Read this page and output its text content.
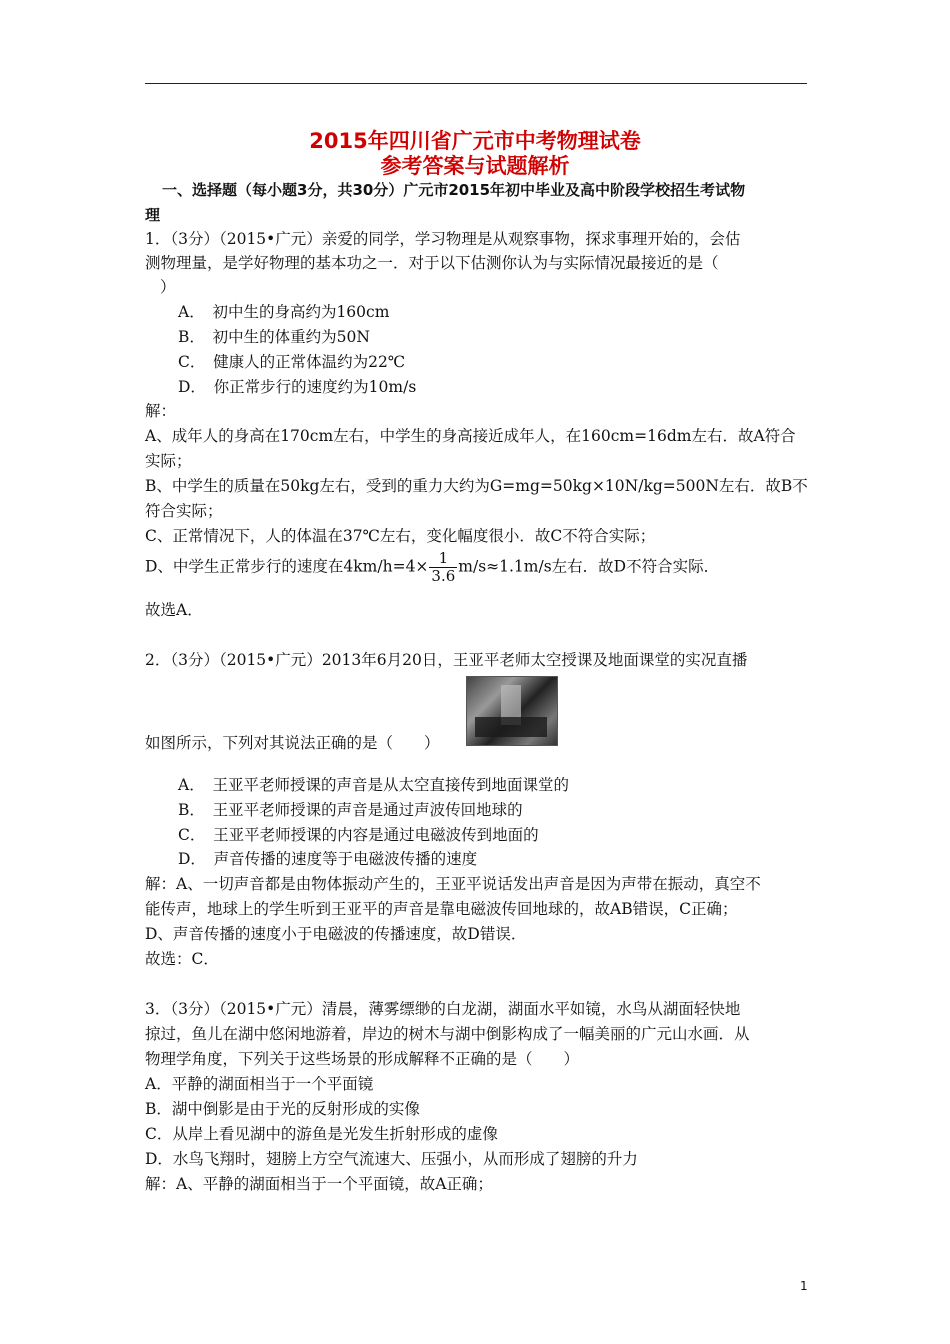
2015年四川省广元市中考物理试卷
参考答案与试题解析
一、选择题（每小题3分，共30分）广元市2015年初中毕业及高中阶段学校招生考试物
理
1．（3分）（2015•广元）亲爱的同学，学习物理是从观察事物，探求事理开始的，会估
测物理量，是学好物理的基本功之一．对于以下估测你认为与实际情况最接近的是（
）
A．　初中生的身高约为160cm
B．　初中生的体重约为50N
C．　健康人的正常体温约为22℃
D．　你正常步行的速度约为10m/s
解：
A、成年人的身高在170cm左右，中学生的身高接近成年人，在160cm=16dm左右．故A符合
实际；
B、中学生的质量在50kg左右，受到的重力大约为G=mg=50kg×10N/kg=500N左右．故B不
符合实际；
C、正常情况下，人的体温在37℃左右，变化幅度很小．故C不符合实际；
D、中学生正常步行的速度在$4km/h=4\times \frac{1}{3.6} m/s\approx 1.1m/s$左右．故D不符合实际．
故选A．
2．（3分）（2015•广元）2013年6月20日，王亚平老师太空授课及地面课堂的实况直播
如图所示，下列对其说法正确的是（　　）
A．　王亚平老师授课的声音是从太空直接传到地面课堂的
B．　王亚平老师授课的声音是通过声波传回地球的
C．　王亚平老师授课的内容是通过电磁波传到地面的
D．　声音传播的速度等于电磁波传播的速度
解：A、一切声音都是由物体振动产生的，王亚平说话发出声音是因为声带在振动，真空不
能传声，地球上的学生听到王亚平的声音是靠电磁波传回地球的，故AB错误，C正确；
D、声音传播的速度小于电磁波的传播速度，故D错误．
故选：C．
3．（3分）（2015•广元）清晨，薄雾缥缈的白龙湖，湖面水平如镜，水鸟从湖面轻快地
掠过，鱼儿在湖中悠闲地游着，岸边的树木与湖中倒影构成了一幅美丽的广元山水画．从
物理学角度，下列关于这些场景的形成解释不正确的是（　　）
A．平静的湖面相当于一个平面镜
B．湖中倒影是由于光的反射形成的实像
C．从岸上看见湖中的游鱼是光发生折射形成的虚像
D．水鸟飞翔时，翅膀上方空气流速大、压强小，从而形成了翅膀的升力
解：A、平静的湖面相当于一个平面镜，故A正确；
1
